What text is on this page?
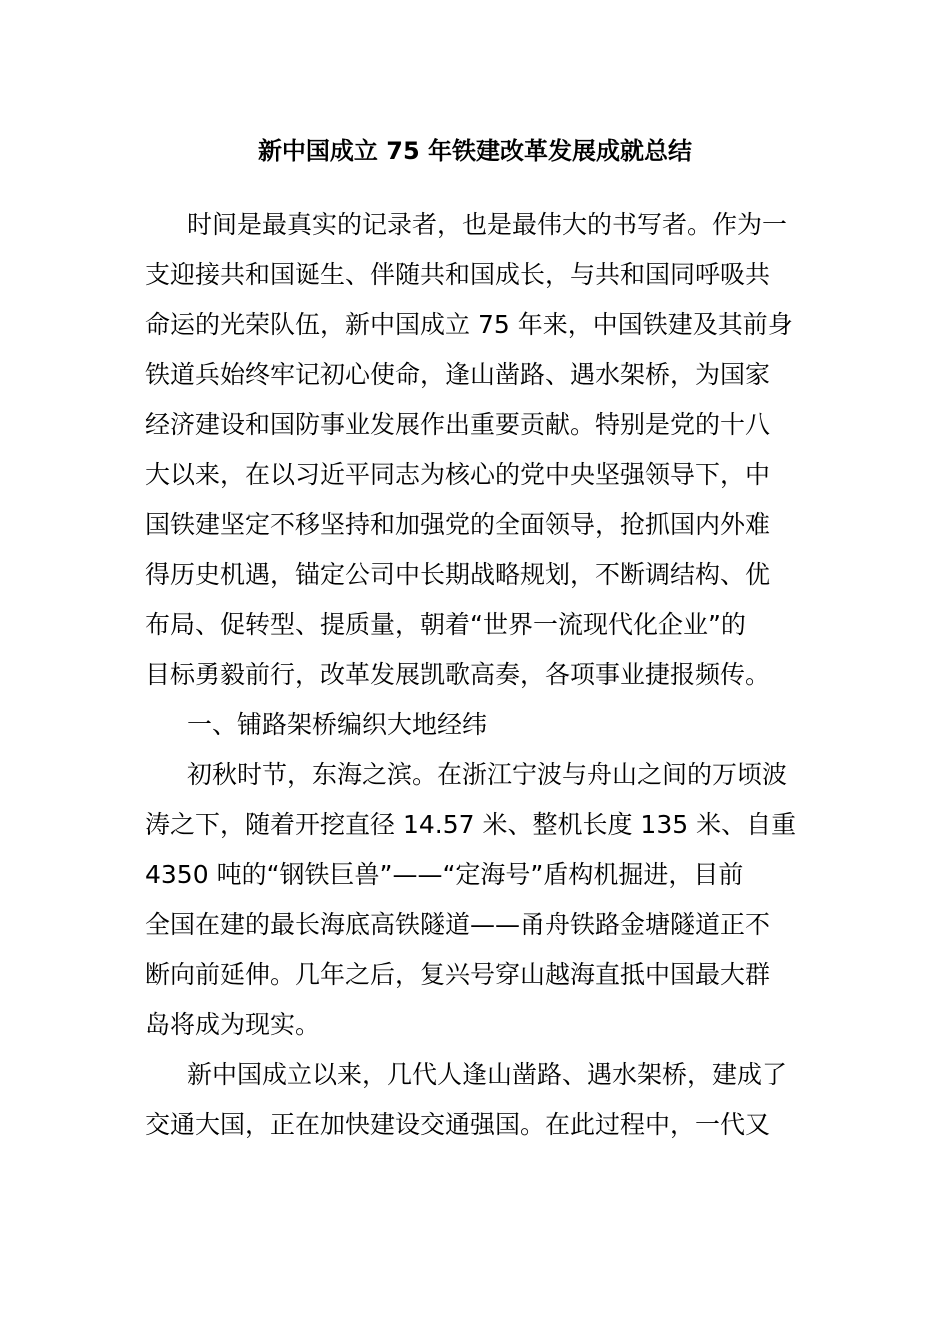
新中国成立 75 年铁建改革发展成就总结
时间是最真实的记录者，也是最伟大的书写者。作为一
支迎接共和国诞生、伴随共和国成长，与共和国同呼吸共
命运的光荣队伍，新中国成立 75 年来，中国铁建及其前身
铁道兵始终牢记初心使命，逢山凿路、遇水架桥，为国家
经济建设和国防事业发展作出重要贡献。特别是党的十八
大以来，在以习近平同志为核心的党中央坚强领导下，中
国铁建坚定不移坚持和加强党的全面领导，抢抓国内外难
得历史机遇，锚定公司中长期战略规划，不断调结构、优
布局、促转型、提质量，朝着“世界一流现代化企业”的
目标勇毅前行，改革发展凯歌高奏，各项事业捷报频传。
一、铺路架桥编织大地经纬
初秋时节，东海之滨。在浙江宁波与舟山之间的万顷波
涛之下，随着开挖直径 14.57 米、整机长度 135 米、自重
4350 吨的“钢铁巨兽”——“定海号”盾构机掘进，目前
全国在建的最长海底高铁隧道——甬舟铁路金塘隧道正不
断向前延伸。几年之后，复兴号穿山越海直抵中国最大群
岛将成为现实。
新中国成立以来，几代人逢山凿路、遇水架桥，建成了
交通大国，正在加快建设交通强国。在此过程中，一代又
